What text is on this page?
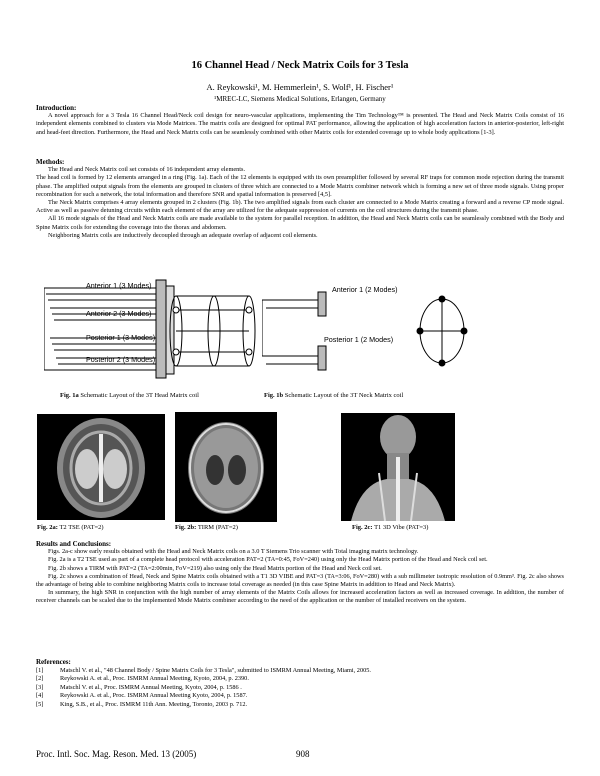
16 Channel Head / Neck Matrix Coils for 3 Tesla
A. Reykowski¹, M. Hemmerlein¹, S. Wolf¹, H. Fischer¹
¹MREC-LC, Siemens Medical Solutions, Erlangen, Germany

Introduction:

A novel approach for a 3 Tesla 16 Channel Head/Neck coil design for neuro-vascular applications, implementing the Tim Technology™ is presented. The Head and Neck Matrix Coils consist of 16 independent elements combined to clusters via Mode Matrices. The matrix coils are designed for optimal PAT performance, allowing the application of high acceleration factors in anterior-posterior, left-right and head-feet direction. Furthermore, the Head and Neck Matrix coils can be seamlessly combined with other Matrix coils for extended coverage up to whole body applications [1-3].

Methods:

The Head and Neck Matrix coil set consists of 16 independent array elements.

The head coil is formed by 12 elements arranged in a ring (Fig. 1a). Each of the 12 elements is equipped with its own preamplifier followed by several RF traps for common mode rejection during the transmit phase. The amplified output signals from the elements are grouped in clusters of three which are connected to a Mode Matrix combiner network which is forming a new set of three mode signals. Using proper recombination for such a network, the total information and therefore SNR and spatial information is preserved [4,5].

The Neck Matrix comprises 4 array elements grouped in 2 clusters (Fig. 1b). The two amplified signals from each cluster are connected to a Mode Matrix creating a forward and a reverse CP mode signal. Active as well as passive detuning circuits within each element of the array are utilized for the adequate suppression of currents on the coil structures during the transmit phase.

All 16 mode signals of the Head and Neck Matrix coils are made available to the system for parallel reception. In addition, the Head and Neck Matrix coils can be seamlessly combined with the Body and Spine Matrix coils for extending the coverage into the thorax and abdomen.

Neighboring Matrix coils are inductively decoupled through an adequate overlap of adjacent coil elements.

Anterior 1 (3 Modes)
Anterior 2 (3 Modes)
Posterior 1 (3 Modes)
Posterior 2 (3 Modes)
Anterior 1 (2 Modes)
Posterior 1 (2 Modes)
Fig. 1a Schematic Layout of the 3T Head Matrix coil	Fig. 1b Schematic Layout of the 3T Neck Matrix coil
Fig. 2a: T2 TSE (PAT=2)	Fig. 2b: TIRM (PAT=2)	Fig. 2c: T1 3D Vibe (PAT=3)

Results and Conclusions:

Figs. 2a-c show early results obtained with the Head and Neck Matrix coils on a 3.0 T Siemens Trio scanner with Total imaging matrix technology.

Fig. 2a is a T2 TSE used as part of a complete head protocol with acceleration PAT=2 (TA=0:45, FoV=240) using only the Head Matrix portion of the Head and Neck coil set.

Fig. 2b shows a TIRM with PAT=2 (TA=2:00min, FoV=219) also using only the Head Matrix portion of the Head and Neck coil set.

Fig. 2c shows a combination of Head, Neck and Spine Matrix coils obtained with a T1 3D VIBE and PAT=3 (TA=3:06, FoV=280) with a sub millimeter isotropic resolution of 0.9mm³. Fig. 2c also shows the advantage of being able to combine neighboring Matrix coils to increase total coverage as needed (in this case Spine Matrix in addition to Head and Neck Matrix).

In summary, the high SNR in conjunction with the high number of array elements of the Matrix Coils allows for increased acceleration factors as well as increased coverage. In addition, the number of receiver channels can be scaled due to the implemented Mode Matrix combiner according to the need of the application or the number of installed receivers on the system.

References:
[1]	Matschl V. et al., "48 Channel Body / Spine Matrix Coils for 3 Tesla", submitted to ISMRM Annual Meeting, Miami, 2005.
[2]	Reykowski A. et al., Proc. ISMRM Annual Meeting, Kyoto, 2004, p. 2390.
[3]	Matschl V. et al., Proc. ISMRM Annual Meeting, Kyoto, 2004, p. 1586 .
[4]	Reykowski A. et al., Proc. ISMRM Annual Meeting Kyoto, 2004, p. 1587.
[5]	King, S.B., et al., Proc. ISMRM 11th Ann. Meeting, Toronto, 2003 p. 712.
Proc. Intl. Soc. Mag. Reson. Med. 13 (2005)	908
